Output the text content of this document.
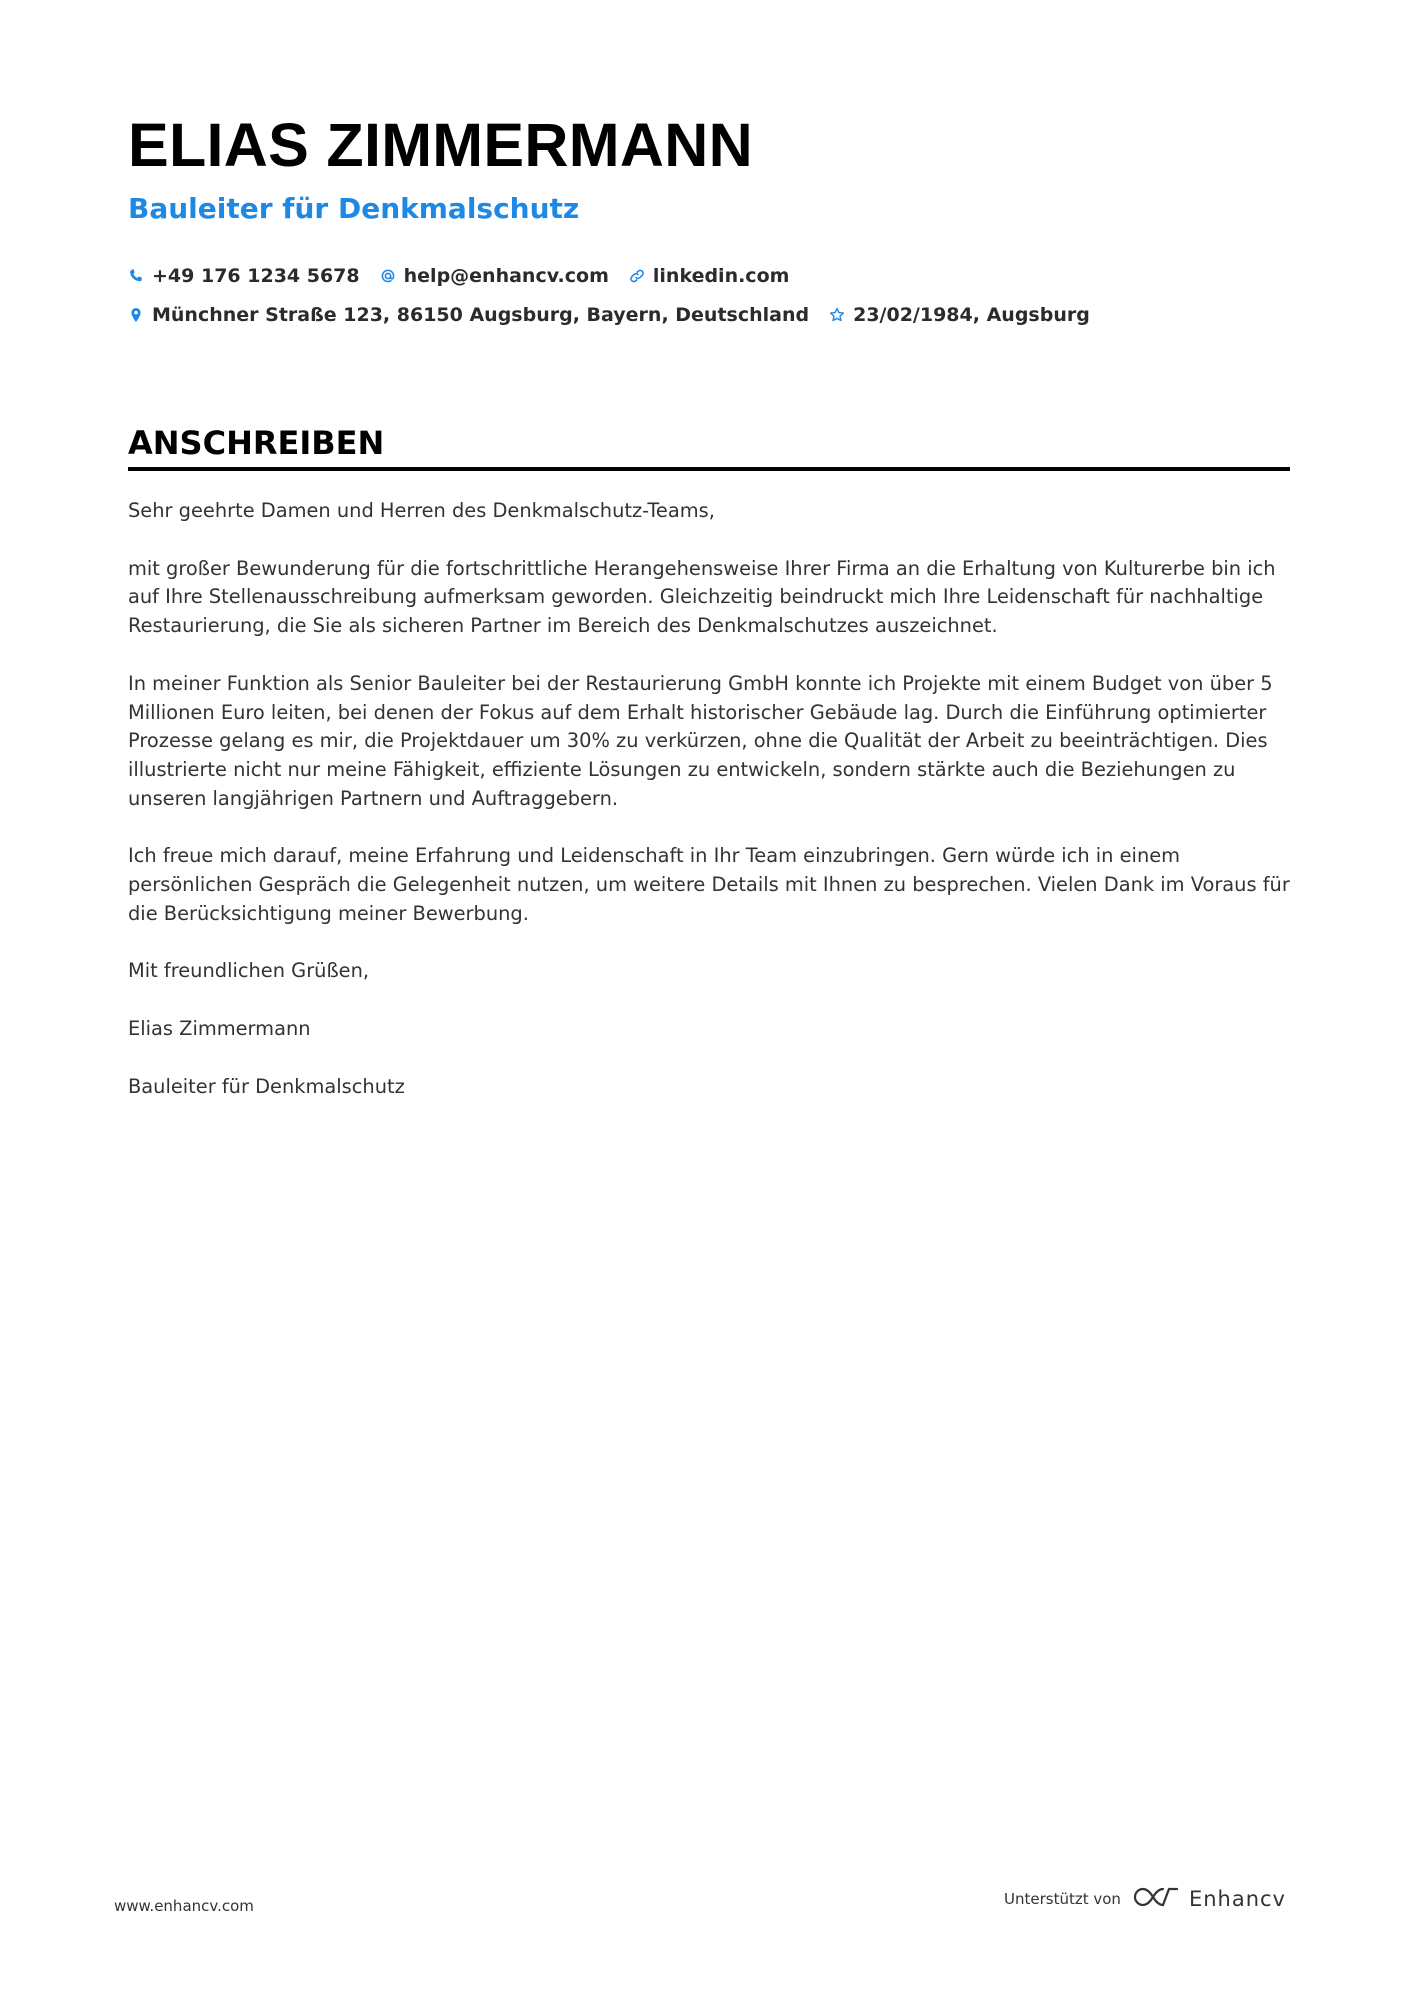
ELIAS ZIMMERMANN
Bauleiter für Denkmalschutz
+49 176 1234 5678 help@enhancv.com linkedin.com
Münchner Straße 123, 86150 Augsburg, Bayern, Deutschland 23/02/1984, Augsburg
ANSCHREIBEN

Sehr geehrte Damen und Herren des Denkmalschutz-Teams,

mit großer Bewunderung für die fortschrittliche Herangehensweise Ihrer Firma an die Erhaltung von Kulturerbe bin ich auf Ihre Stellenausschreibung aufmerksam geworden. Gleichzeitig beindruckt mich Ihre Leidenschaft für nachhaltige Restaurierung, die Sie als sicheren Partner im Bereich des Denkmalschutzes auszeichnet.

In meiner Funktion als Senior Bauleiter bei der Restaurierung GmbH konnte ich Projekte mit einem Budget von über 5 Millionen Euro leiten, bei denen der Fokus auf dem Erhalt historischer Gebäude lag. Durch die Einführung optimierter Prozesse gelang es mir, die Projektdauer um 30% zu verkürzen, ohne die Qualität der Arbeit zu beeinträchtigen. Dies illustrierte nicht nur meine Fähigkeit, effiziente Lösungen zu entwickeln, sondern stärkte auch die Beziehungen zu unseren langjährigen Partnern und Auftraggebern.

Ich freue mich darauf, meine Erfahrung und Leidenschaft in Ihr Team einzubringen. Gern würde ich in einem persönlichen Gespräch die Gelegenheit nutzen, um weitere Details mit Ihnen zu besprechen. Vielen Dank im Voraus für die Berücksichtigung meiner Bewerbung.

Mit freundlichen Grüßen,

Elias Zimmermann

Bauleiter für Denkmalschutz

www.enhancv.com	Unterstützt von	Enhancv
